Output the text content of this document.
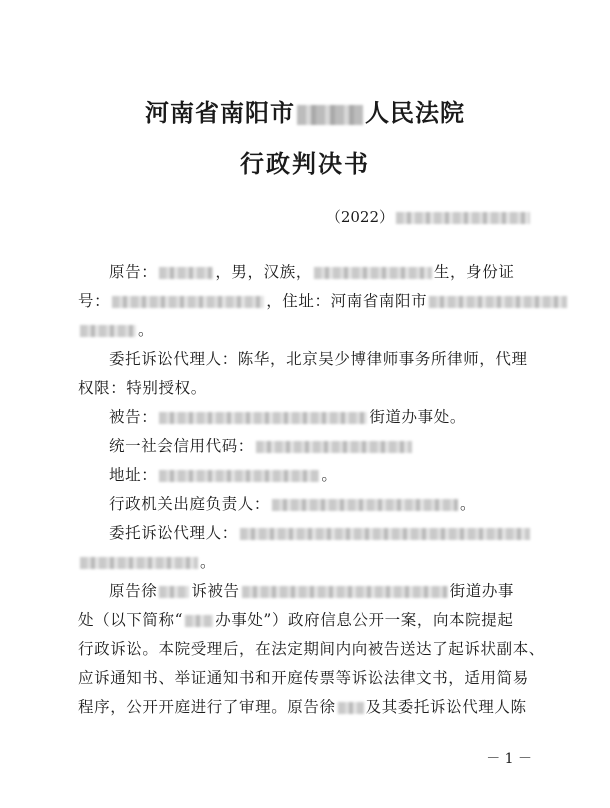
河南省南阳市	人民法院
行政判决书
（2022）
原告：	，男，汉族，	生，身份证
号：	，住址：河南省南阳市
。
委托诉讼代理人：陈华，北京吴少博律师事务所律师，代理
权限：特别授权。
被告：	街道办事处。
统一社会信用代码：
地址：	。
行政机关出庭负责人：	。
委托诉讼代理人：
。
原告徐 诉被告	街道办事
处（以下简称“ 办事处”）政府信息公开一案，向本院提起
行政诉讼。本院受理后，在法定期间内向被告送达了起诉状副本、
应诉通知书、举证通知书和开庭传票等诉讼法律文书，适用简易
程序，公开开庭进行了审理。原告徐 及其委托诉讼代理人陈
－ 1 －
